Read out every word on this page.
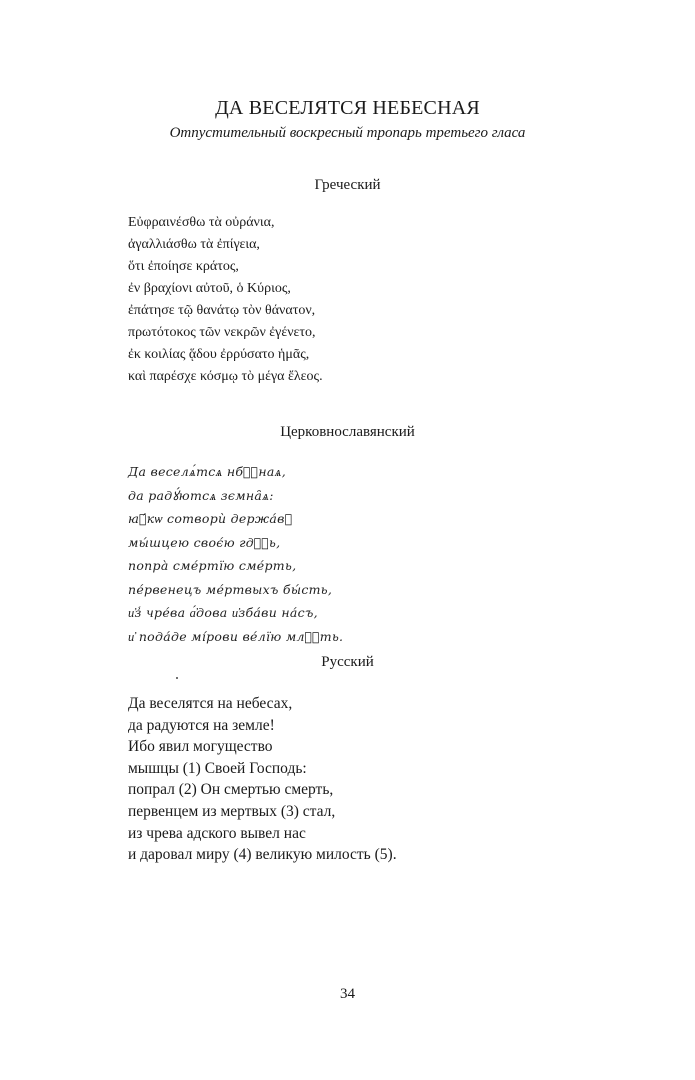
ДА ВЕСЕЛЯТСЯ НЕБЕСНАЯ
Отпустительный воскресный тропарь третьего гласа
Греческий
Εὐφραινέσθω τὰ οὐράνια,
ἀγαλλιάσθω τὰ ἐπίγεια,
ὅτι ἐποίησε κράτος,
ἐν βραχίονι αὐτοῦ, ὁ Κύριος,
ἐπάτησε τῷ θανάτῳ τὸν θάνατον,
πρωτότοκος τῶν νεκρῶν ἐγένετο,
ἐκ κοιλίας ᾅδου ἐρρύσατο ἡμᾶς,
καὶ παρέσχε κόσμῳ τὸ μέγα ἔλεος.
Церковнославянский
Да веселѧ́тсѧ нбⷭ҇наѧ,
да радꙋ́ютсѧ зємна̑ѧ:
ꙗ҆́кѡ сотворѝ держа́вꙋ
мы́шцею своє́ю гдⷭ҇ь,
попра̀ сме́ртїю сме́рть,
пе́рвенецъ ме́ртвыхъ бы́сть,
и҆з̾ чре́ва а҆́дова и҆зба́ви на́съ,
и҆ пода́де мі́рови ве́лїю млⷭ҇ть.
Русский
Да веселятся на небесах,
да радуются на земле!
Ибо явил могущество
мышцы (1) Своей Господь:
попрал (2) Он смертью смерть,
первенцем из мертвых (3) стал,
из чрева адского вывел нас
и даровал миру (4) великую милость (5).
34
